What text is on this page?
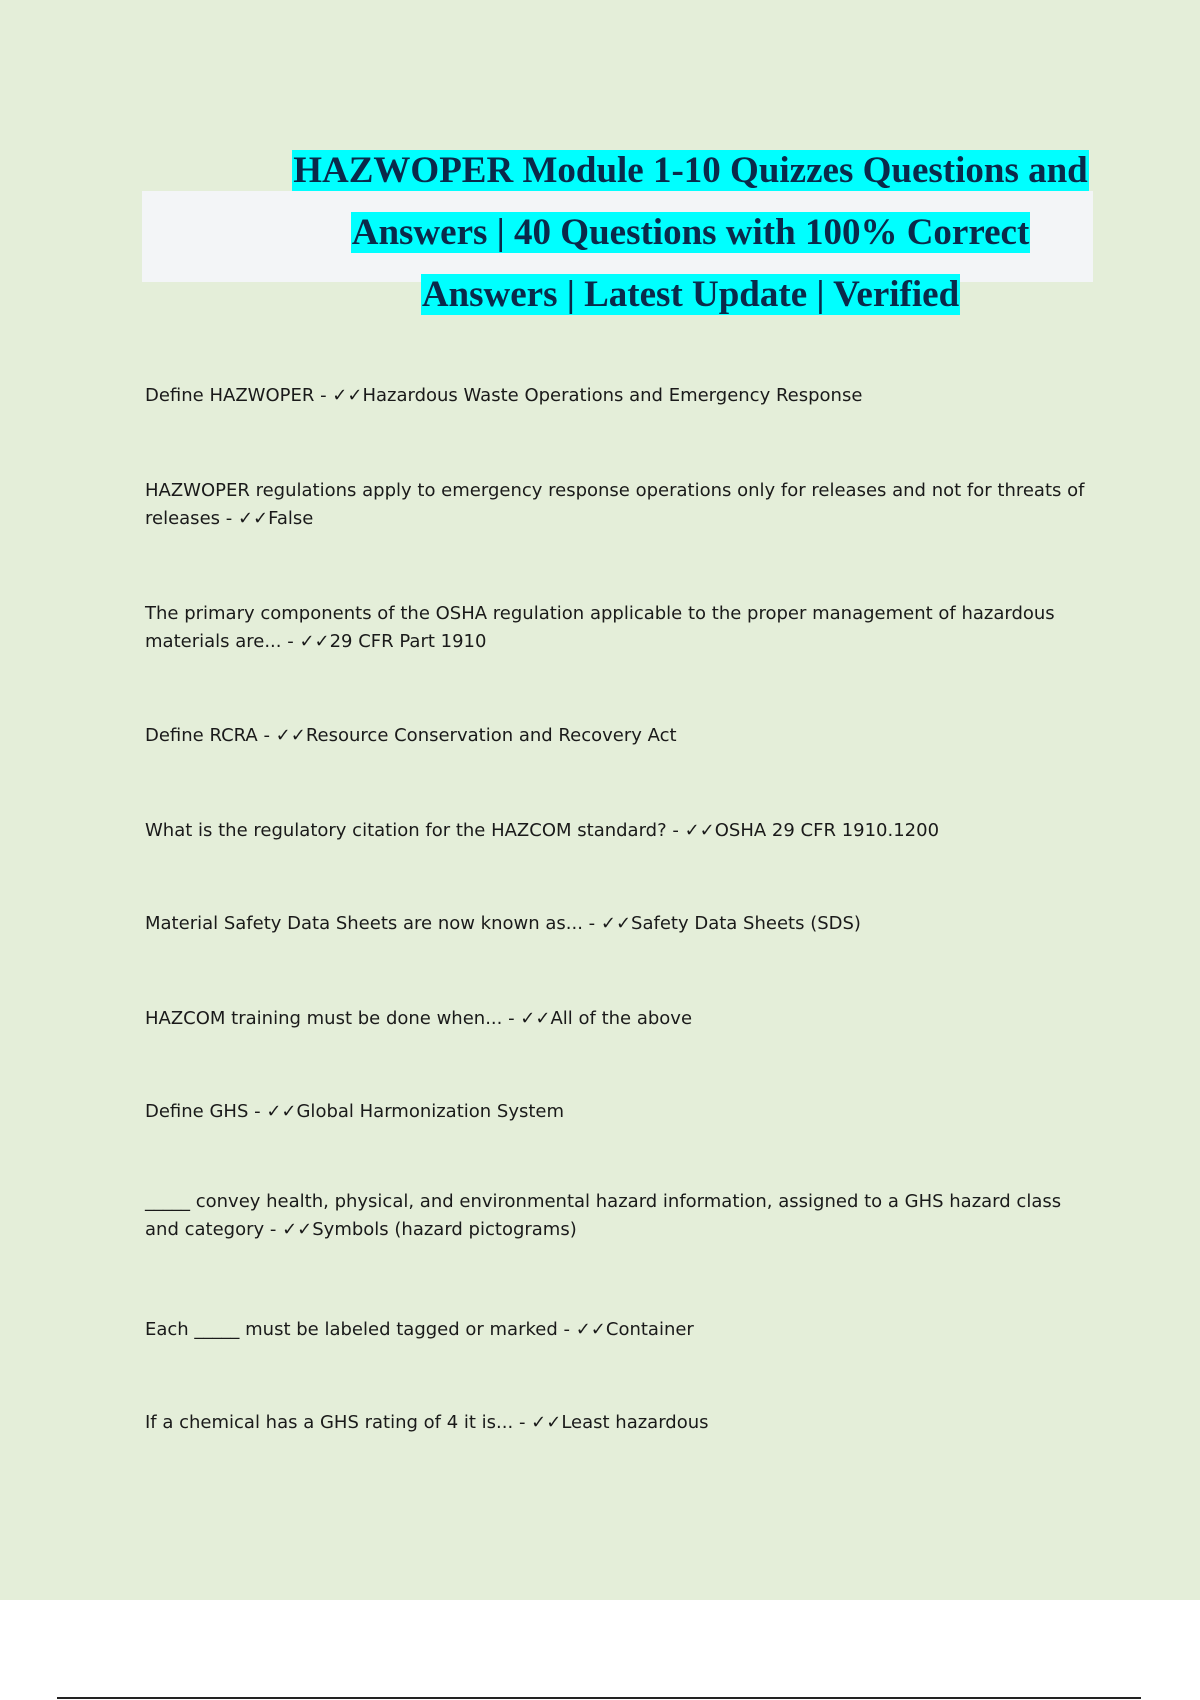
HAZWOPER Module 1-10 Quizzes Questions and
Answers | 40 Questions with 100% Correct
Answers | Latest Update | Verified

Define HAZWOPER - ✓✓Hazardous Waste Operations and Emergency Response

HAZWOPER regulations apply to emergency response operations only for releases and not for threats of releases - ✓✓False

The primary components of the OSHA regulation applicable to the proper management of hazardous materials are... - ✓✓29 CFR Part 1910

Define RCRA - ✓✓Resource Conservation and Recovery Act

What is the regulatory citation for the HAZCOM standard? - ✓✓OSHA 29 CFR 1910.1200

Material Safety Data Sheets are now known as... - ✓✓Safety Data Sheets (SDS)

HAZCOM training must be done when... - ✓✓All of the above

Define GHS - ✓✓Global Harmonization System

_____ convey health, physical, and environmental hazard information, assigned to a GHS hazard class and category - ✓✓Symbols (hazard pictograms)

Each _____ must be labeled tagged or marked - ✓✓Container

If a chemical has a GHS rating of 4 it is... - ✓✓Least hazardous
